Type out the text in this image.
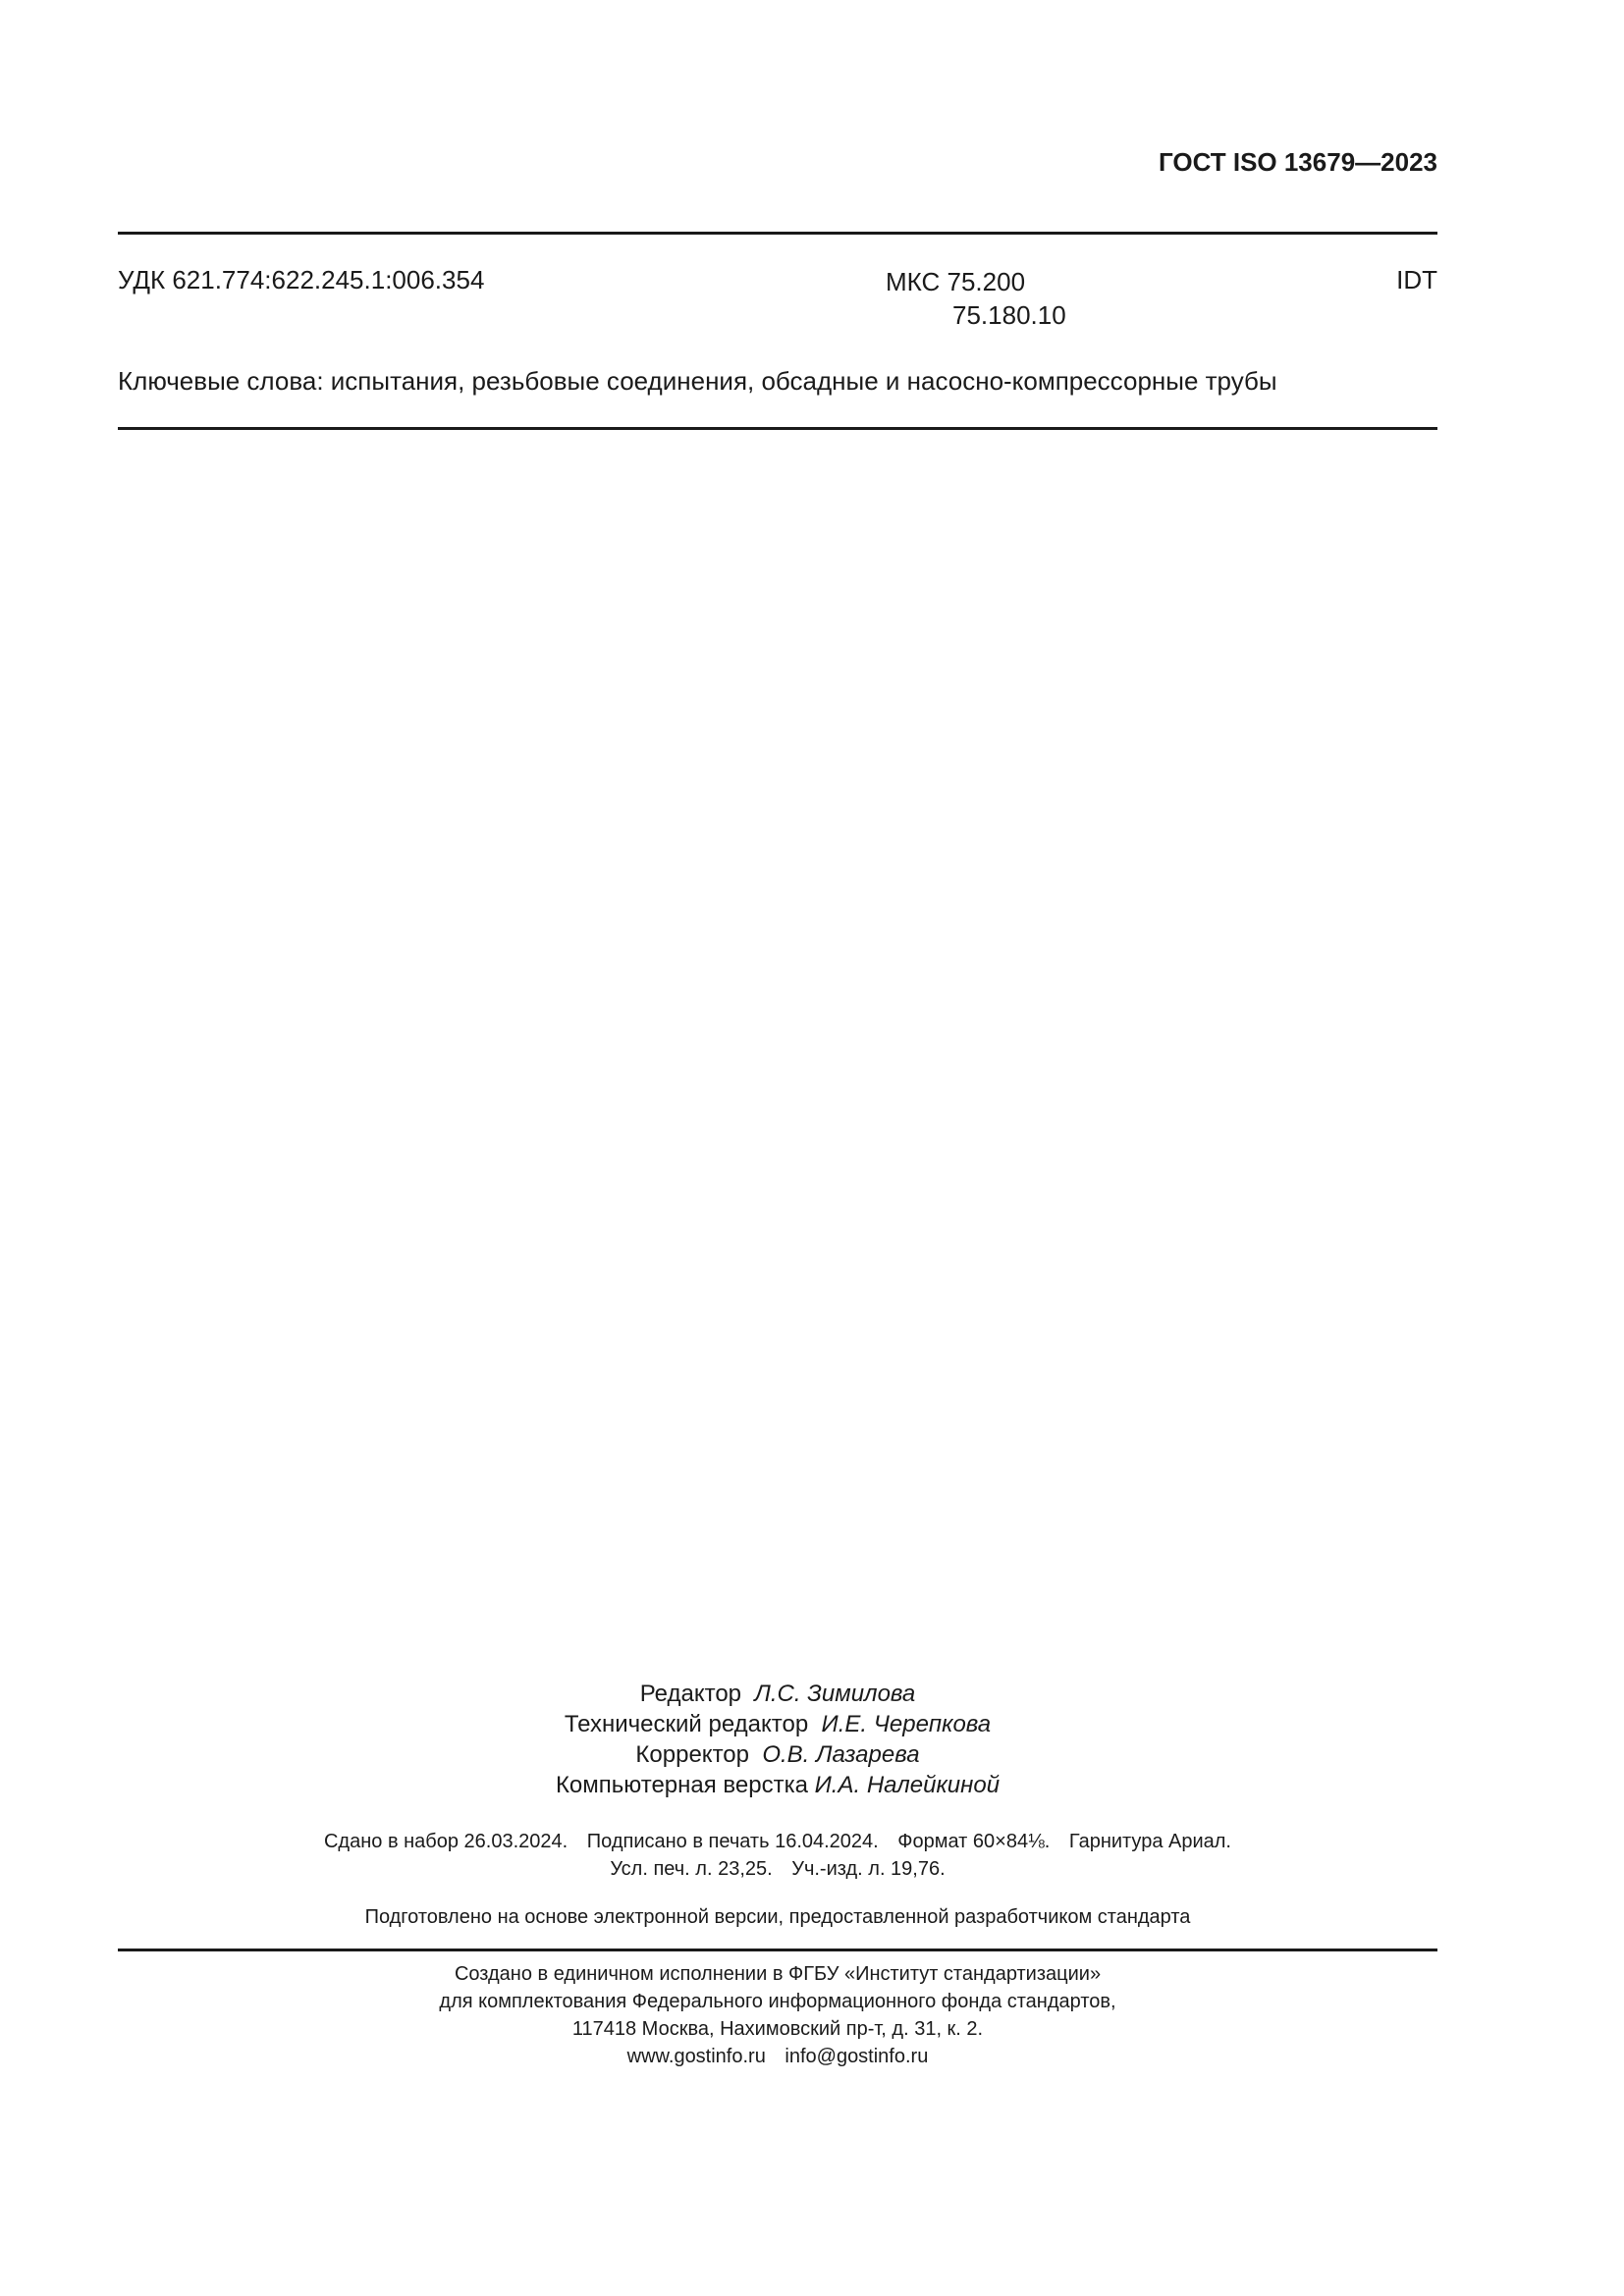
ГОСТ ISO 13679—2023
УДК 621.774:622.245.1:006.354	МКС 75.200
75.180.10
IDT
Ключевые слова: испытания, резьбовые соединения, обсадные и насосно-компрессорные трубы
Редактор Л.С. Зимилова
Технический редактор И.Е. Черепкова
Корректор О.В. Лазарева
Компьютерная верстка И.А. Налейкиной
Сдано в набор 26.03.2024. Подписано в печать 16.04.2024. Формат 60×84⅛. Гарнитура Ариал.
Усл. печ. л. 23,25. Уч.-изд. л. 19,76.
Подготовлено на основе электронной версии, предоставленной разработчиком стандарта
Создано в единичном исполнении в ФГБУ «Институт стандартизации»
для комплектования Федерального информационного фонда стандартов,
117418 Москва, Нахимовский пр-т, д. 31, к. 2.
www.gostinfo.ru info@gostinfo.ru
